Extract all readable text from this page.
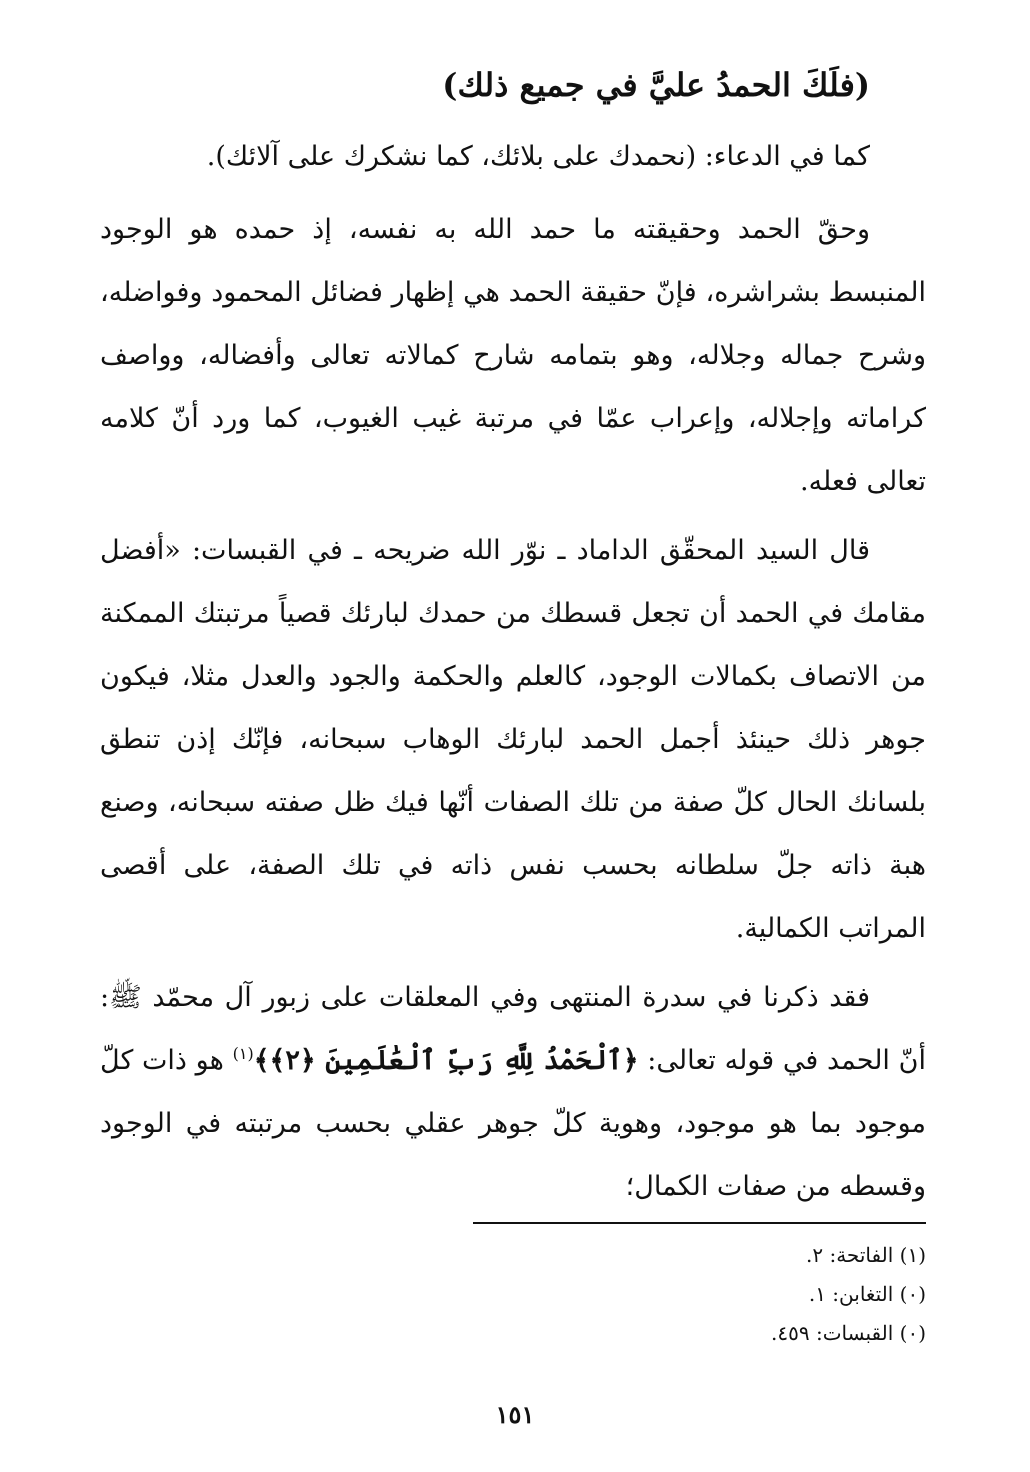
(فلَكَ الحمدُ عليَّ في جميع ذلك)

كما في الدعاء: (نحمدك على بلائك، كما نشكرك على آلائك).

وحقّ الحمد وحقيقته ما حمد الله به نفسه، إذ حمده هو الوجود المنبسط بشراشره، فإنّ حقيقة الحمد هي إظهار فضائل المحمود وفواضله، وشرح جماله وجلاله، وهو بتمامه شارح كمالاته تعالى وأفضاله، وواصف كراماته وإجلاله، وإعراب عمّا في مرتبة غيب الغيوب، كما ورد أنّ كلامه تعالى فعله.

قال السيد المحقّق الداماد ـ نوّر الله ضريحه ـ في القبسات: «أفضل مقامك في الحمد أن تجعل قسطك من حمدك لبارئك قصياً مرتبتك الممكنة من الاتصاف بكمالات الوجود، كالعلم والحكمة والجود والعدل مثلا، فيكون جوهر ذلك حينئذ أجمل الحمد لبارئك الوهاب سبحانه، فإنّك إذن تنطق بلسانك الحال كلّ صفة من تلك الصفات أنّها فيك ظل صفته سبحانه، وصنع هبة ذاته جلّ سلطانه بحسب نفس ذاته في تلك الصفة، على أقصى المراتب الكمالية.

فقد ذكرنا في سدرة المنتهى وفي المعلقات على زبور آل محمّد ﷺ: أنّ الحمد في قوله تعالى: ﴿ٱلْحَمْدُ لِلَّهِ رَبِّ ٱلْعَٰلَمِينَ ﴿٢﴾﴾$^{(١)}$ هو ذات كلّ موجود بما هو موجود، وهوية كلّ جوهر عقلي بحسب مرتبته في الوجود وقسطه من صفات الكمال؛

(١) الفاتحة: ٢.
(٠) التغابن: ١.
(٠) القبسات: ٤٥٩.
١٥١
